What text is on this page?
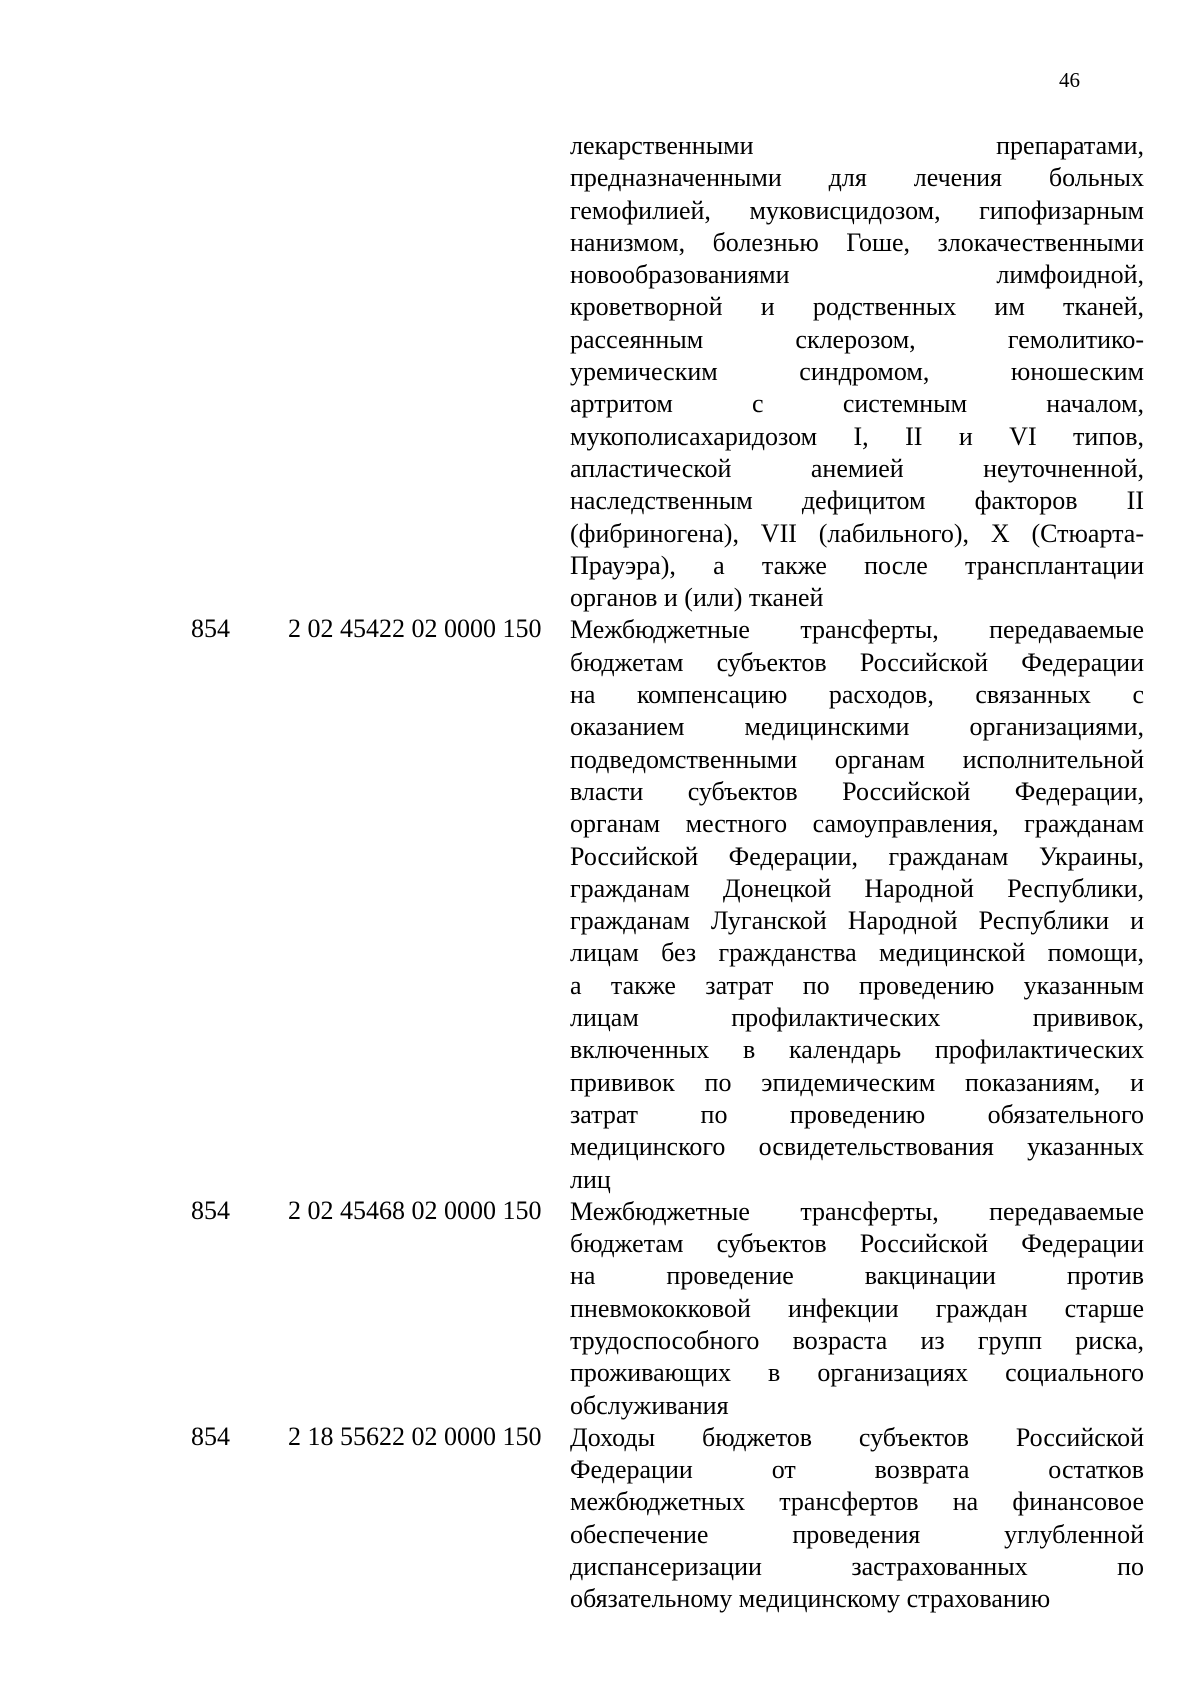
46
лекарственными препаратами,
предназначенными для лечения больных
гемофилией, муковисцидозом, гипофизарным
нанизмом, болезнью Гоше, злокачественными
новообразованиями лимфоидной,
кроветворной и родственных им тканей,
рассеянным склерозом, гемолитико-
уремическим синдромом, юношеским
артритом с системным началом,
мукополисахаридозом I, II и VI типов,
апластической анемией неуточненной,
наследственным дефицитом факторов II
(фибриногена), VII (лабильного), X (Стюарта-
Прауэра), а также после трансплантации
органов и (или) тканей
854 2 02 45422 02 0000 150 Межбюджетные трансферты, передаваемые
бюджетам субъектов Российской Федерации
на компенсацию расходов, связанных с
оказанием медицинскими организациями,
подведомственными органам исполнительной
власти субъектов Российской Федерации,
органам местного самоуправления, гражданам
Российской Федерации, гражданам Украины,
гражданам Донецкой Народной Республики,
гражданам Луганской Народной Республики и
лицам без гражданства медицинской помощи,
а также затрат по проведению указанным
лицам профилактических прививок,
включенных в календарь профилактических
прививок по эпидемическим показаниям, и
затрат по проведению обязательного
медицинского освидетельствования указанных
лиц
854 2 02 45468 02 0000 150 Межбюджетные трансферты, передаваемые
бюджетам субъектов Российской Федерации
на проведение вакцинации против
пневмококковой инфекции граждан старше
трудоспособного возраста из групп риска,
проживающих в организациях социального
обслуживания
854 2 18 55622 02 0000 150 Доходы бюджетов субъектов Российской
Федерации от возврата остатков
межбюджетных трансфертов на финансовое
обеспечение проведения углубленной
диспансеризации застрахованных по
обязательному медицинскому страхованию
